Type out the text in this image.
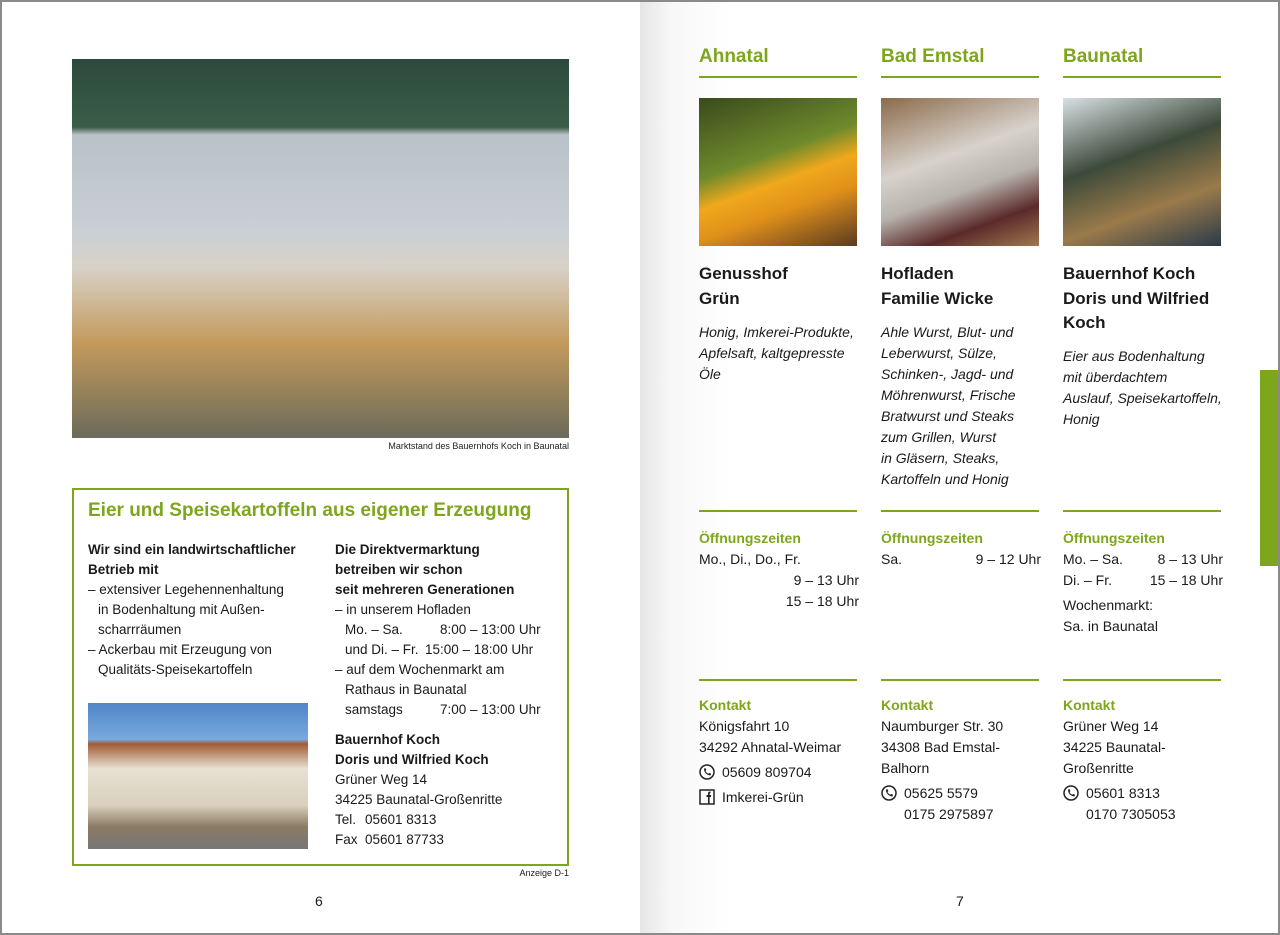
Marktstand des Bauernhofs Koch in Baunatal
Eier und Speisekartoffeln aus eigener Erzeugung
Wir sind ein landwirtschaftlicher
Betrieb mit
– extensiver Legehennenhaltung
in Bodenhaltung mit Außen-
scharrräumen
– Ackerbau mit Erzeugung von
Qualitäts-Speisekartoffeln
Die Direktvermarktung
betreiben wir schon
seit mehreren Generationen
– in unserem Hofladen
Mo. – Sa.	8:00 – 13:00 Uhr
und Di. – Fr. 15:00 – 18:00 Uhr
– auf dem Wochenmarkt am
Rathaus in Baunatal
samstags	7:00 – 13:00 Uhr
Bauernhof Koch
Doris und Wilfried Koch
Grüner Weg 14
34225 Baunatal-Großenritte
Tel. 05601 8313
Fax 05601 87733
Anzeige D-1
6
Ahnatal
Genusshof
Grün
Honig, Imkerei-Produkte,
Apfelsaft, kaltgepresste
Öle
Öffnungszeiten
Mo., Di., Do., Fr.
9 – 13 Uhr
15 – 18 Uhr
Kontakt
Königsfahrt 10
34292 Ahnatal-Weimar
05609 809704
Imkerei-Grün
Bad Emstal
Hofladen
Familie Wicke
Ahle Wurst, Blut- und
Leberwurst, Sülze,
Schinken-, Jagd- und
Möhrenwurst, Frische
Bratwurst und Steaks
zum Grillen, Wurst
in Gläsern, Steaks,
Kartoffeln und Honig
Öffnungszeiten
Sa.	9 – 12 Uhr
Kontakt
Naumburger Str. 30
34308 Bad Emstal-
Balhorn
05625 5579
0175 2975897
Baunatal
Bauernhof Koch
Doris und Wilfried
Koch
Eier aus Bodenhaltung
mit überdachtem
Auslauf, Speisekartoffeln,
Honig
Öffnungszeiten
Mo. – Sa. 8 – 13 Uhr
Di. – Fr.	15 – 18 Uhr
Wochenmarkt:
Sa. in Baunatal
Kontakt
Grüner Weg 14
34225 Baunatal-
Großenritte
05601 8313
0170 7305053
7
